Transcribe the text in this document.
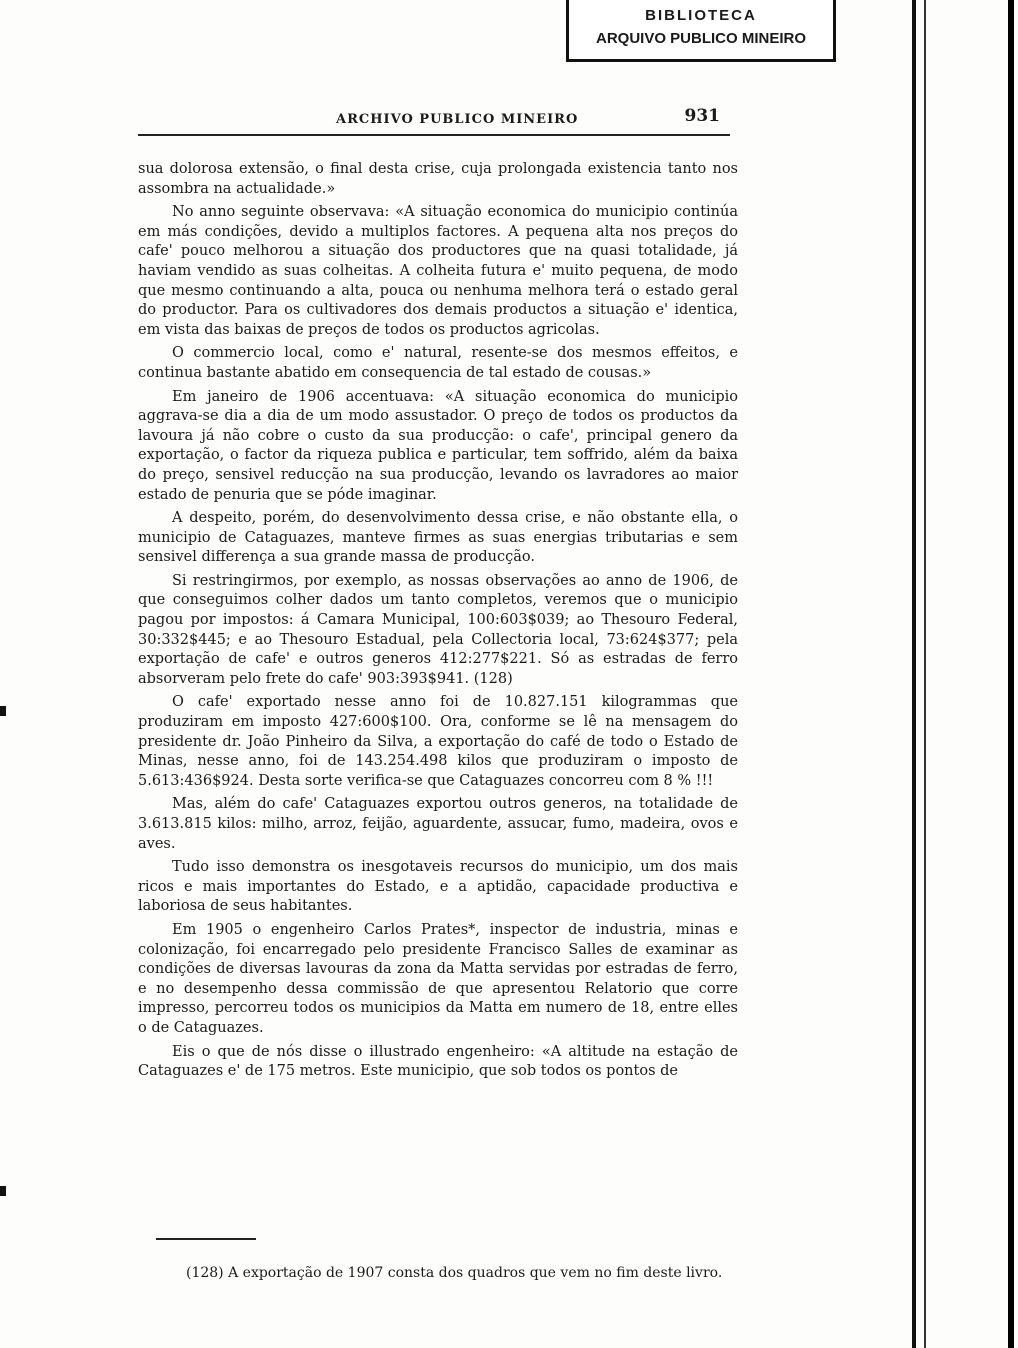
BIBLIOTECA
ARQUIVO PUBLICO MINEIRO
ARCHIVO PUBLICO MINEIRO	931

sua dolorosa extensão, o final desta crise, cuja prolongada existencia tanto nos assombra na actualidade.»

No anno seguinte observava: «A situação economica do municipio continúa em más condições, devido a multiplos factores. A pequena alta nos preços do cafe' pouco melhorou a situação dos productores que na quasi totalidade, já haviam vendido as suas colheitas. A colheita futura e' muito pequena, de modo que mesmo continuando a alta, pouca ou nenhuma melhora terá o estado geral do productor. Para os cultivadores dos demais productos a situação e' identica, em vista das baixas de preços de todos os productos agricolas.

O commercio local, como e' natural, resente-se dos mesmos effeitos, e continua bastante abatido em consequencia de tal estado de cousas.»

Em janeiro de 1906 accentuava: «A situação economica do municipio aggrava-se dia a dia de um modo assustador. O preço de todos os productos da lavoura já não cobre o custo da sua producção: o cafe', principal genero da exportação, o factor da riqueza publica e particular, tem soffrido, além da baixa do preço, sensivel reducção na sua producção, levando os lavradores ao maior estado de penuria que se póde imaginar.

A despeito, porém, do desenvolvimento dessa crise, e não obstante ella, o municipio de Cataguazes, manteve firmes as suas energias tributarias e sem sensivel differença a sua grande massa de producção.

Si restringirmos, por exemplo, as nossas observações ao anno de 1906, de que conseguimos colher dados um tanto completos, veremos que o municipio pagou por impostos: á Camara Municipal, 100:603$039; ao Thesouro Federal, 30:332$445; e ao Thesouro Estadual, pela Collectoria local, 73:624$377; pela exportação de cafe' e outros generos 412:277$221. Só as estradas de ferro absorveram pelo frete do cafe' 903:393$941. (128)

O cafe' exportado nesse anno foi de 10.827.151 kilogrammas que produziram em imposto 427:600$100. Ora, conforme se lê na mensagem do presidente dr. João Pinheiro da Silva, a exportação do café de todo o Estado de Minas, nesse anno, foi de 143.254.498 kilos que produziram o imposto de 5.613:436$924. Desta sorte verifica-se que Cataguazes concorreu com 8 % !!!

Mas, além do cafe' Cataguazes exportou outros generos, na totalidade de 3.613.815 kilos: milho, arroz, feijão, aguardente, assucar, fumo, madeira, ovos e aves.

Tudo isso demonstra os inesgotaveis recursos do municipio, um dos mais ricos e mais importantes do Estado, e a aptidão, capacidade productiva e laboriosa de seus habitantes.

Em 1905 o engenheiro Carlos Prates*, inspector de industria, minas e colonização, foi encarregado pelo presidente Francisco Salles de examinar as condições de diversas lavouras da zona da Matta servidas por estradas de ferro, e no desempenho dessa commissão de que apresentou Relatorio que corre impresso, percorreu todos os municipios da Matta em numero de 18, entre elles o de Cataguazes.

Eis o que de nós disse o illustrado engenheiro: «A altitude na estação de Cataguazes e' de 175 metros. Este municipio, que sob todos os pontos de

(128) A exportação de 1907 consta dos quadros que vem no fim deste livro.
